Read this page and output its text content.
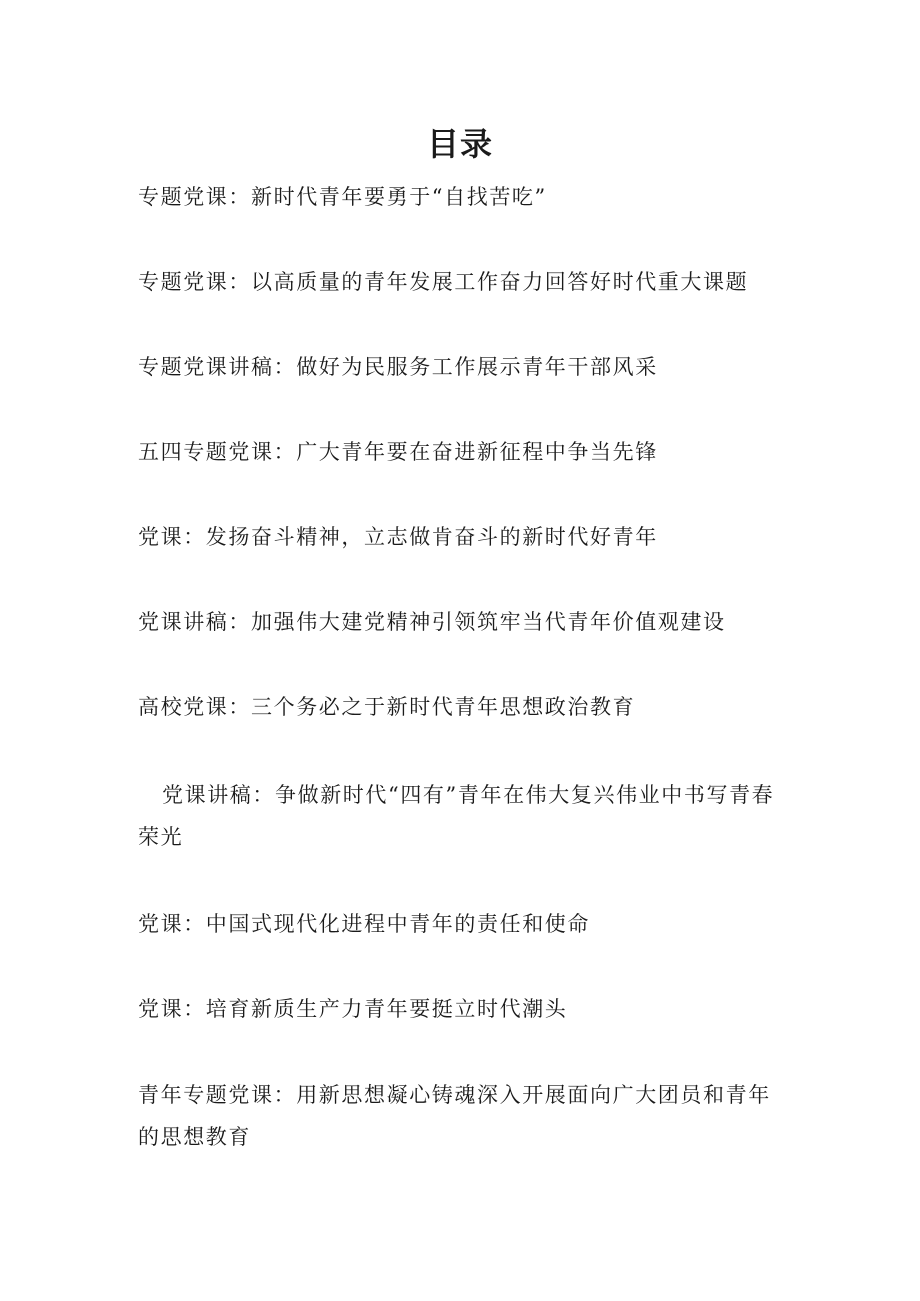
目录
专题党课：新时代青年要勇于“自找苦吃”
专题党课：以高质量的青年发展工作奋力回答好时代重大课题
专题党课讲稿：做好为民服务工作展示青年干部风采
五四专题党课：广大青年要在奋进新征程中争当先锋
党课：发扬奋斗精神，立志做肯奋斗的新时代好青年
党课讲稿：加强伟大建党精神引领筑牢当代青年价值观建设
高校党课：三个务必之于新时代青年思想政治教育
党课讲稿：争做新时代“四有”青年在伟大复兴伟业中书写青春荣光
党课：中国式现代化进程中青年的责任和使命
党课：培育新质生产力青年要挺立时代潮头
青年专题党课：用新思想凝心铸魂深入开展面向广大团员和青年的思想教育
